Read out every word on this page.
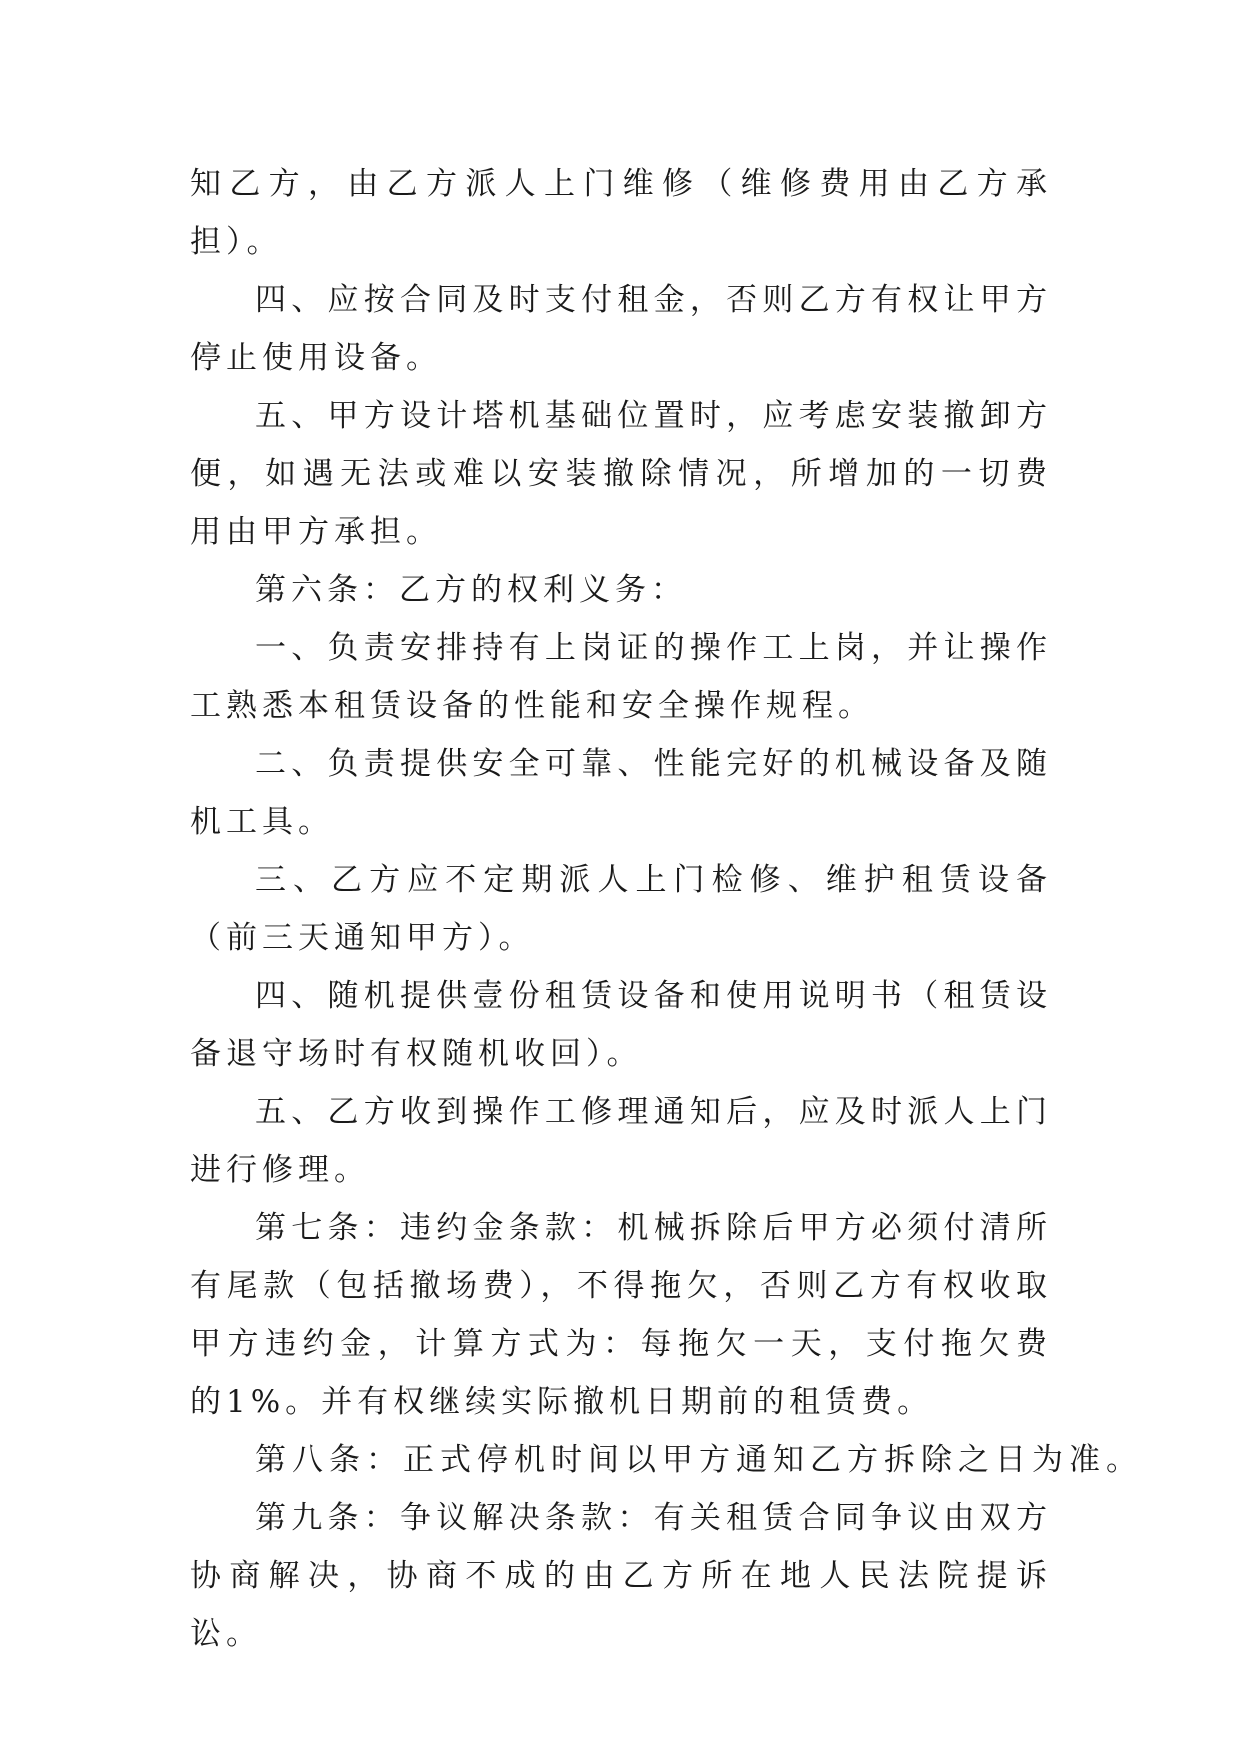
知乙方，由乙方派人上门维修（维修费用由乙方承担）。

四、应按合同及时支付租金，否则乙方有权让甲方停止使用设备。

五、甲方设计塔机基础位置时，应考虑安装撤卸方便，如遇无法或难以安装撤除情况，所增加的一切费用由甲方承担。

第六条：乙方的权利义务：

一、负责安排持有上岗证的操作工上岗，并让操作工熟悉本租赁设备的性能和安全操作规程。

二、负责提供安全可靠、性能完好的机械设备及随机工具。

三、乙方应不定期派人上门检修、维护租赁设备（前三天通知甲方）。

四、随机提供壹份租赁设备和使用说明书（租赁设备退守场时有权随机收回）。

五、乙方收到操作工修理通知后，应及时派人上门进行修理。

第七条：违约金条款：机械拆除后甲方必须付清所有尾款（包括撤场费），不得拖欠，否则乙方有权收取甲方违约金，计算方式为：每拖欠一天，支付拖欠费的1%。并有权继续实际撤机日期前的租赁费。

第八条：正式停机时间以甲方通知乙方拆除之日为准。

第九条：争议解决条款：有关租赁合同争议由双方协商解决，协商不成的由乙方所在地人民法院提诉讼。
